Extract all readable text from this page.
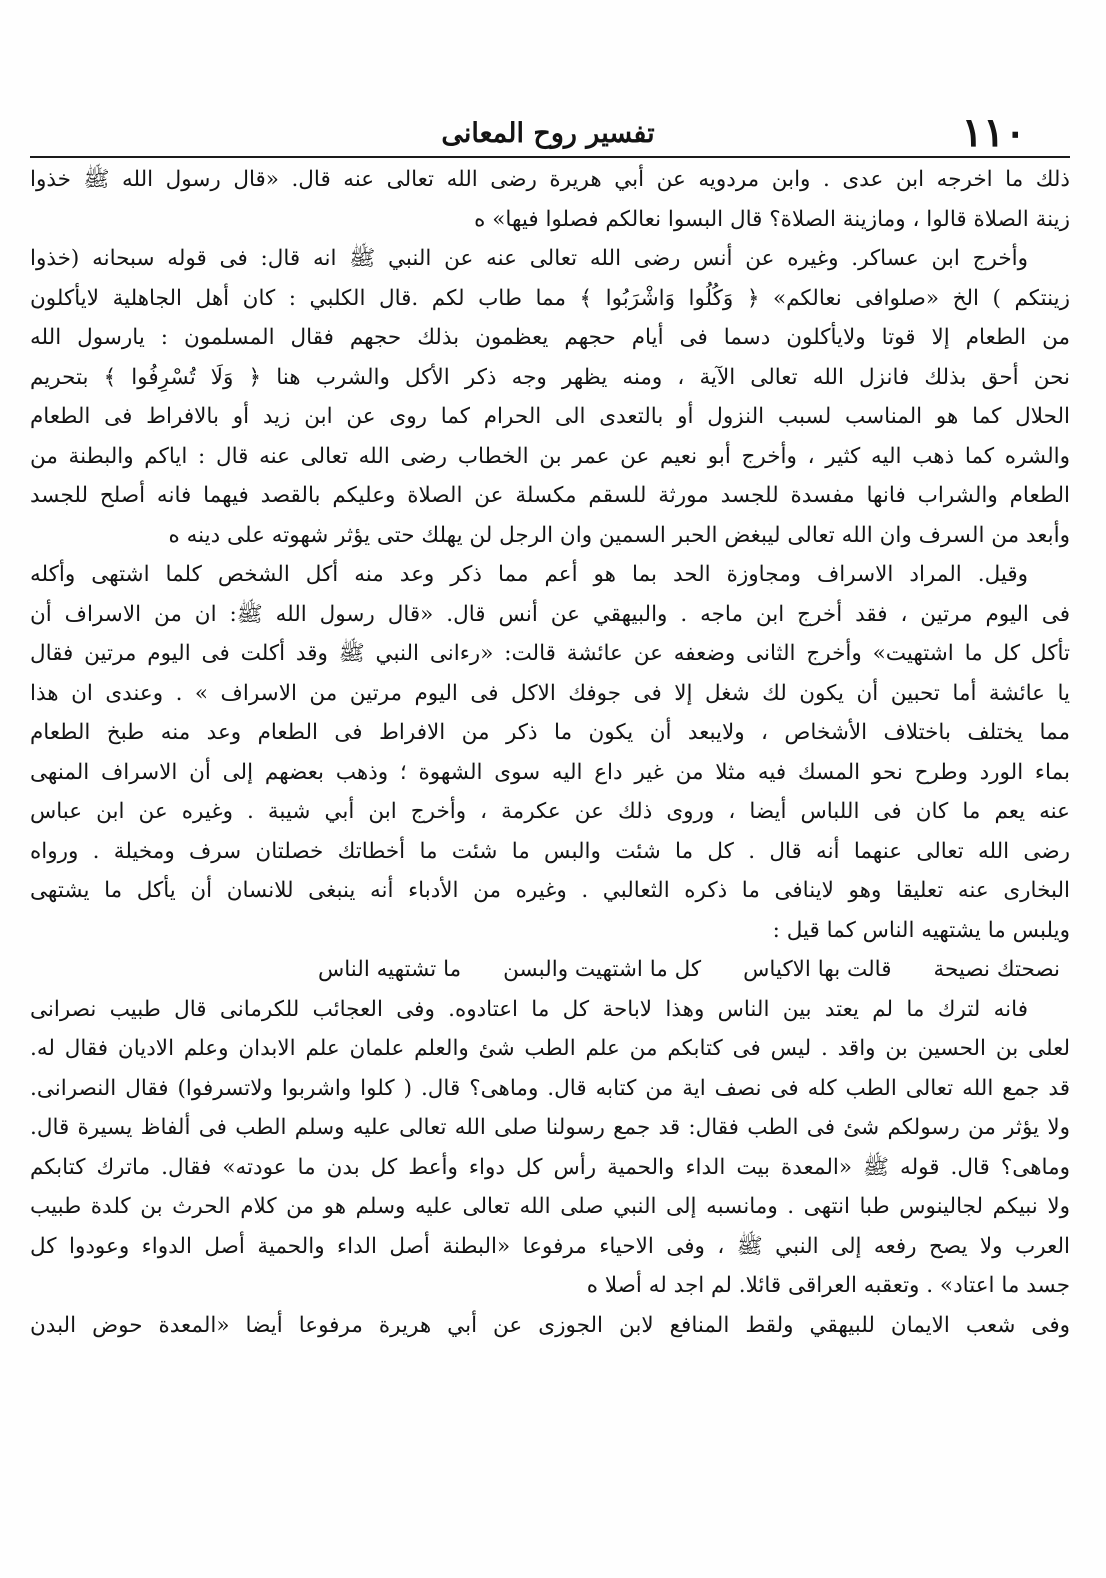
١١٠
تفسير روح المعانى
ذلك ما اخرجه ابن عدى . وابن مردويه عن أبي هريرة رضى الله تعالى عنه قال. «قال رسول الله ﷺ خذوا
زينة الصلاة قالوا ، ومازينة الصلاة؟ قال البسوا نعالكم فصلوا فيها» ه
وأخرج ابن عساكر. وغيره عن أنس رضى الله تعالى عنه عن النبي ﷺ انه قال: فى قوله سبحانه (خذوا
زينتكم ) الخ «صلوافى نعالكم» ﴿ وَكُلُوا وَاشْرَبُوا ﴾ مما طاب لكم .قال الكلبي : كان أهل الجاهلية لايأكلون
من الطعام إلا قوتا ولايأكلون دسما فى أيام حجهم يعظمون بذلك حجهم فقال المسلمون : يارسول الله
نحن أحق بذلك فانزل الله تعالى الآية ، ومنه يظهر وجه ذكر الأكل والشرب هنا ﴿ وَلَا تُسْرِفُوا ﴾ بتحريم
الحلال كما هو المناسب لسبب النزول أو بالتعدى الى الحرام كما روى عن ابن زيد أو بالافراط فى الطعام
والشره كما ذهب اليه كثير ، وأخرج أبو نعيم عن عمر بن الخطاب رضى الله تعالى عنه قال : اياكم والبطنة من
الطعام والشراب فانها مفسدة للجسد مورثة للسقم مكسلة عن الصلاة وعليكم بالقصد فيهما فانه أصلح للجسد
وأبعد من السرف وان الله تعالى ليبغض الحبر السمين وان الرجل لن يهلك حتى يؤثر شهوته على دينه ه
وقيل. المراد الاسراف ومجاوزة الحد بما هو أعم مما ذكر وعد منه أكل الشخص كلما اشتهى وأكله
فى اليوم مرتين ، فقد أخرج ابن ماجه . والبيهقي عن أنس قال. «قال رسول الله ﷺ: ان من الاسراف أن
تأكل كل ما اشتهيت» وأخرج الثانى وضعفه عن عائشة قالت: «رءانى النبي ﷺ وقد أكلت فى اليوم مرتين فقال
يا عائشة أما تحبين أن يكون لك شغل إلا فى جوفك الاكل فى اليوم مرتين من الاسراف » . وعندى ان هذا
مما يختلف باختلاف الأشخاص ، ولايبعد أن يكون ما ذكر من الافراط فى الطعام وعد منه طبخ الطعام
بماء الورد وطرح نحو المسك فيه مثلا من غير داع اليه سوى الشهوة ؛ وذهب بعضهم إلى أن الاسراف المنهى
عنه يعم ما كان فى اللباس أيضا ، وروى ذلك عن عكرمة ، وأخرج ابن أبي شيبة . وغيره عن ابن عباس
رضى الله تعالى عنهما أنه قال . كل ما شئت والبس ما شئت ما أخطاتك خصلتان سرف ومخيلة . ورواه
البخارى عنه تعليقا وهو لاينافى ما ذكره الثعالبي . وغيره من الأدباء أنه ينبغى للانسان أن يأكل ما يشتهى
ويلبس ما يشتهيه الناس كما قيل :
نصحتك نصيحة
قالت بها الاكياس
كل ما اشتهيت والبسن
ما تشتهيه الناس
فانه لترك ما لم يعتد بين الناس وهذا لاباحة كل ما اعتادوه. وفى العجائب للكرمانى قال طبيب نصرانى
لعلى بن الحسين بن واقد . ليس فى كتابكم من علم الطب شئ والعلم علمان علم الابدان وعلم الاديان فقال له.
قد جمع الله تعالى الطب كله فى نصف اية من كتابه قال. وماهى؟ قال. ( كلوا واشربوا ولاتسرفوا) فقال النصرانى.
ولا يؤثر من رسولكم شئ فى الطب فقال: قد جمع رسولنا صلى الله تعالى عليه وسلم الطب فى ألفاظ يسيرة قال.
وماهى؟ قال. قوله ﷺ «المعدة بيت الداء والحمية رأس كل دواء وأعط كل بدن ما عودته» فقال. ماترك كتابكم
ولا نبيكم لجالينوس طبا انتهى . ومانسبه إلى النبي صلى الله تعالى عليه وسلم هو من كلام الحرث بن كلدة طبيب
العرب ولا يصح رفعه إلى النبي ﷺ ، وفى الاحياء مرفوعا «البطنة أصل الداء والحمية أصل الدواء وعودوا كل
جسد ما اعتاد» . وتعقبه العراقى قائلا. لم اجد له أصلا ه
وفى شعب الايمان للبيهقي ولقط المنافع لابن الجوزى عن أبي هريرة مرفوعا أيضا «المعدة حوض البدن
